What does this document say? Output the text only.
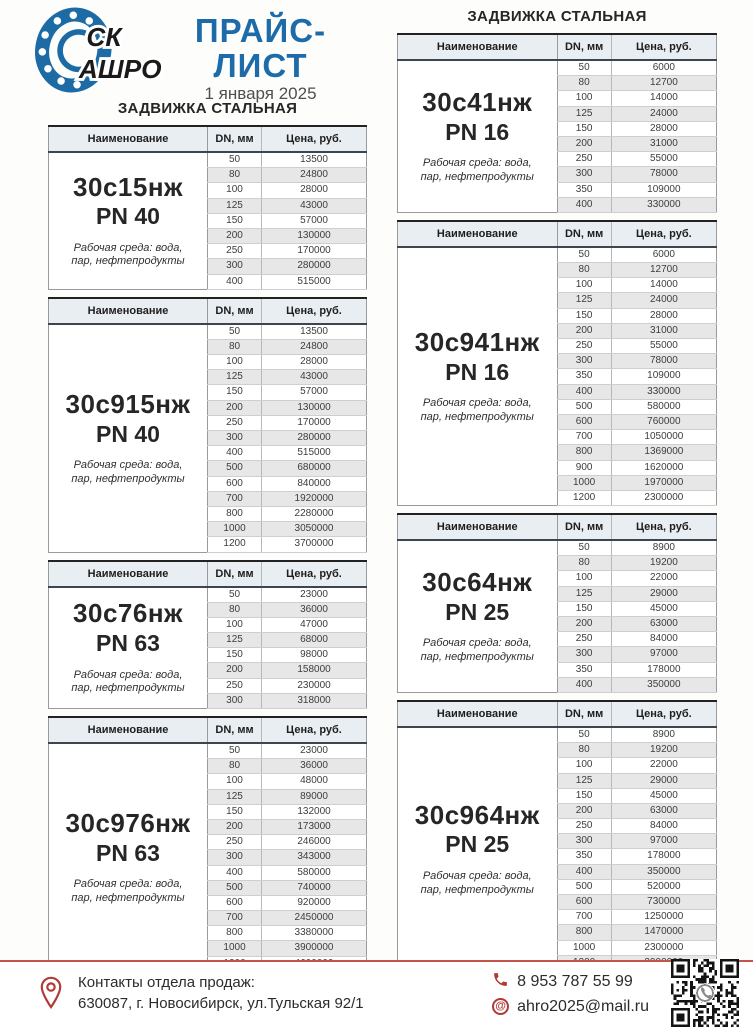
СК
АШРО
ПРАЙС-ЛИСТ
1 января 2025
ЗАДВИЖКА СТАЛЬНАЯ
Наименование	DN, мм	Цена, руб.

30с15нж
PN 40
Рабочая среда: вода, пар, нефтепродукты	50	13500
	80	24800
	100	28000
	125	43000
	150	57000
	200	130000
	250	170000
	300	280000
	400	515000
Наименование	DN, мм	Цена, руб.

30с915нж
PN 40
Рабочая среда: вода, пар, нефтепродукты	50	13500
	80	24800
	100	28000
	125	43000
	150	57000
	200	130000
	250	170000
	300	280000
	400	515000
	500	680000
	600	840000
	700	1920000
	800	2280000
	1000	3050000
	1200	3700000
Наименование	DN, мм	Цена, руб.

30с76нж
PN 63
Рабочая среда: вода, пар, нефтепродукты	50	23000
	80	36000
	100	47000
	125	68000
	150	98000
	200	158000
	250	230000
	300	318000
Наименование	DN, мм	Цена, руб.

30с976нж
PN 63
Рабочая среда: вода, пар, нефтепродукты	50	23000
	80	36000
	100	48000
	125	89000
	150	132000
	200	173000
	250	246000
	300	343000
	400	580000
	500	740000
	600	920000
	700	2450000
	800	3380000
	1000	3900000

ЗАДВИЖКА СТАЛЬНАЯ
Наименование	DN, мм	Цена, руб.

30с41нж
PN 16
Рабочая среда: вода, пар, нефтепродукты	50	6000
	80	12700
	100	14000
	125	24000
	150	28000
	200	31000
	250	55000
	300	78000
	350	109000
	400	330000
Наименование	DN, мм	Цена, руб.

30с941нж
PN 16
Рабочая среда: вода, пар, нефтепродукты	50	6000
	80	12700
	100	14000
	125	24000
	150	28000
	200	31000
	250	55000
	300	78000
	350	109000
	400	330000
	500	580000
	600	760000
	700	1050000
	800	1369000
	900	1620000
	1000	1970000
	1200	2300000
Наименование	DN, мм	Цена, руб.

30с64нж
PN 25
Рабочая среда: вода, пар, нефтепродукты	50	8900
	80	19200
	100	22000
	125	29000
	150	45000
	200	63000
	250	84000
	300	97000
	350	178000
	400	350000
Наименование	DN, мм	Цена, руб.

30с964нж
PN 25
Рабочая среда: вода, пар, нефтепродукты	50	8900
	80	19200
	100	22000
	125	29000
	150	45000
	200	63000
	250	84000
	300	97000
	350	178000
	400	350000
	500	520000
	600	730000
	700	1250000
	800	1470000
	1000	2300000

Контакты отдела продаж:
630087, г. Новосибирск, ул.Тульская 92/1
8 953 787 55 99
@ ahro2025@mail.ru
